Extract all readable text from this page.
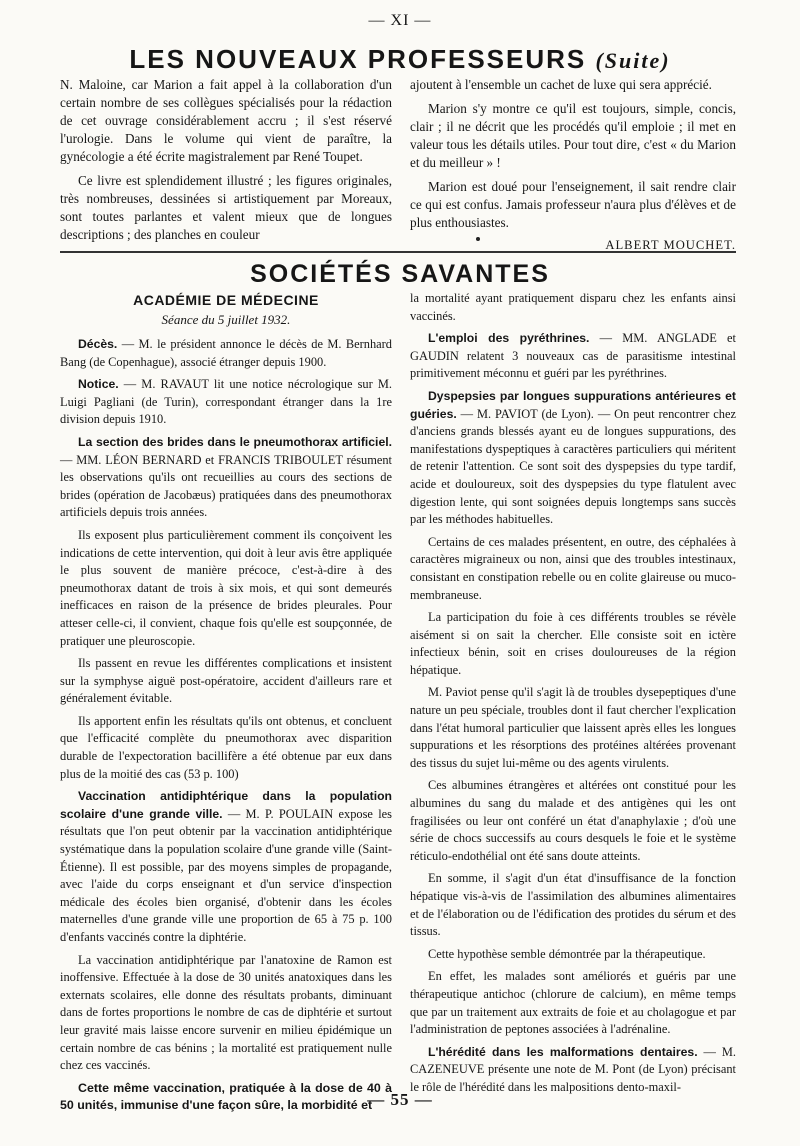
— XI —
LES NOUVEAUX PROFESSEURS (Suite)

N. Maloine, car Marion a fait appel à la collaboration d'un certain nombre de ses collègues spécialisés pour la rédaction de cet ouvrage considérablement accru ; il s'est réservé l'urologie. Dans le volume qui vient de paraître, la gynécologie a été écrite magistralement par René Toupet.

Ce livre est splendidement illustré ; les figures originales, très nombreuses, dessinées si artistiquement par Moreaux, sont toutes parlantes et valent mieux que de longues descriptions ; des planches en couleur

ajoutent à l'ensemble un cachet de luxe qui sera apprécié.

Marion s'y montre ce qu'il est toujours, simple, concis, clair ; il ne décrit que les procédés qu'il emploie ; il met en valeur tous les détails utiles. Pour tout dire, c'est « du Marion et du meilleur » !

Marion est doué pour l'enseignement, il sait rendre clair ce qui est confus. Jamais professeur n'aura plus d'élèves et de plus enthousiastes.

ALBERT MOUCHET.
SOCIÉTÉS SAVANTES
ACADÉMIE DE MÉDECINE
Séance du 5 juillet 1932.

Décès. — M. le président annonce le décès de M. Bernhard Bang (de Copenhague), associé étranger depuis 1900.

Notice. — M. RAVAUT lit une notice nécrologique sur M. Luigi Pagliani (de Turin), correspondant étranger dans la 1re division depuis 1910.

La section des brides dans le pneumothorax artificiel. — MM. LÉON BERNARD et FRANCIS TRIBOULET résument les observations qu'ils ont recueillies au cours des sections de brides (opération de Jacobæus) pratiquées dans des pneumothorax artificiels depuis trois années.

Ils exposent plus particulièrement comment ils conçoivent les indications de cette intervention, qui doit à leur avis être appliquée le plus souvent de manière précoce, c'est-à-dire à des pneumothorax datant de trois à six mois, et qui sont demeurés inefficaces en raison de la présence de brides pleurales. Pour atteser celle-ci, il convient, chaque fois qu'elle est soupçonnée, de pratiquer une pleuroscopie.

Ils passent en revue les différentes complications et insistent sur la symphyse aiguë post-opératoire, accident d'ailleurs rare et généralement évitable.

Ils apportent enfin les résultats qu'ils ont obtenus, et concluent que l'efficacité complète du pneumothorax avec disparition durable de l'expectoration bacillifère a été obtenue par eux dans plus de la moitié des cas (53 p. 100)

Vaccination antidiphtérique dans la population scolaire d'une grande ville. — M. P. POULAIN expose les résultats que l'on peut obtenir par la vaccination antidiphtérique systématique dans la population scolaire d'une grande ville (Saint-Étienne). Il est possible, par des moyens simples de propagande, avec l'aide du corps enseignant et d'un service d'inspection médicale des écoles bien organisé, d'obtenir dans les écoles maternelles d'une grande ville une proportion de 65 à 75 p. 100 d'enfants vaccinés contre la diphtérie.

La vaccination antidiphtérique par l'anatoxine de Ramon est inoffensive. Effectuée à la dose de 30 unités anatoxiques dans les externats scolaires, elle donne des résultats probants, diminuant dans de fortes proportions le nombre de cas de diphtérie et surtout leur gravité mais laisse encore survenir en milieu épidémique un certain nombre de cas bénins ; la mortalité est pratiquement nulle chez ces vaccinés.

Cette même vaccination, pratiquée à la dose de 40 à 50 unités, immunise d'une façon sûre, la morbidité et

la mortalité ayant pratiquement disparu chez les enfants ainsi vaccinés.

L'emploi des pyréthrines. — MM. ANGLADE et GAUDIN relatent 3 nouveaux cas de parasitisme intestinal primitivement méconnu et guéri par les pyréthrines.

Dyspepsies par longues suppurations antérieures et guéries. — M. PAVIOT (de Lyon). — On peut rencontrer chez d'anciens grands blessés ayant eu de longues suppurations, des manifestations dyspeptiques à caractères particuliers qui méritent de retenir l'attention. Ce sont soit des dyspepsies du type tardif, acide et douloureux, soit des dyspepsies du type flatulent avec digestion lente, qui sont soignées depuis longtemps sans succès par les méthodes habituelles.

Certains de ces malades présentent, en outre, des céphalées à caractères migraineux ou non, ainsi que des troubles intestinaux, consistant en constipation rebelle ou en colite glaireuse ou muco-membraneuse.

La participation du foie à ces différents troubles se révèle aisément si on sait la chercher. Elle consiste soit en ictère infectieux bénin, soit en crises douloureuses de la région hépatique.

M. Paviot pense qu'il s'agit là de troubles dysepeptiques d'une nature un peu spéciale, troubles dont il faut chercher l'explication dans l'état humoral particulier que laissent après elles les longues suppurations et les résorptions des protéines altérées provenant des tissus du sujet lui-même ou des agents virulents.

Ces albumines étrangères et altérées ont constitué pour les albumines du sang du malade et des antigènes qui les ont fragilisées ou leur ont conféré un état d'anaphylaxie ; d'où une série de chocs successifs au cours desquels le foie et le système réticulo-endothélial ont été sans doute atteints.

En somme, il s'agit d'un état d'insuffisance de la fonction hépatique vis-à-vis de l'assimilation des albumines alimentaires et de l'élaboration ou de l'édification des protides du sérum et des tissus.

Cette hypothèse semble démontrée par la thérapeutique.

En effet, les malades sont améliorés et guéris par une thérapeutique antichoc (chlorure de calcium), en même temps que par un traitement aux extraits de foie et au cholagogue et par l'administration de peptones associées à l'adrénaline.

L'hérédité dans les malformations dentaires. — M. CAZENEUVE présente une note de M. Pont (de Lyon) précisant le rôle de l'hérédité dans les malpositions dento-maxil-

— 55 —
